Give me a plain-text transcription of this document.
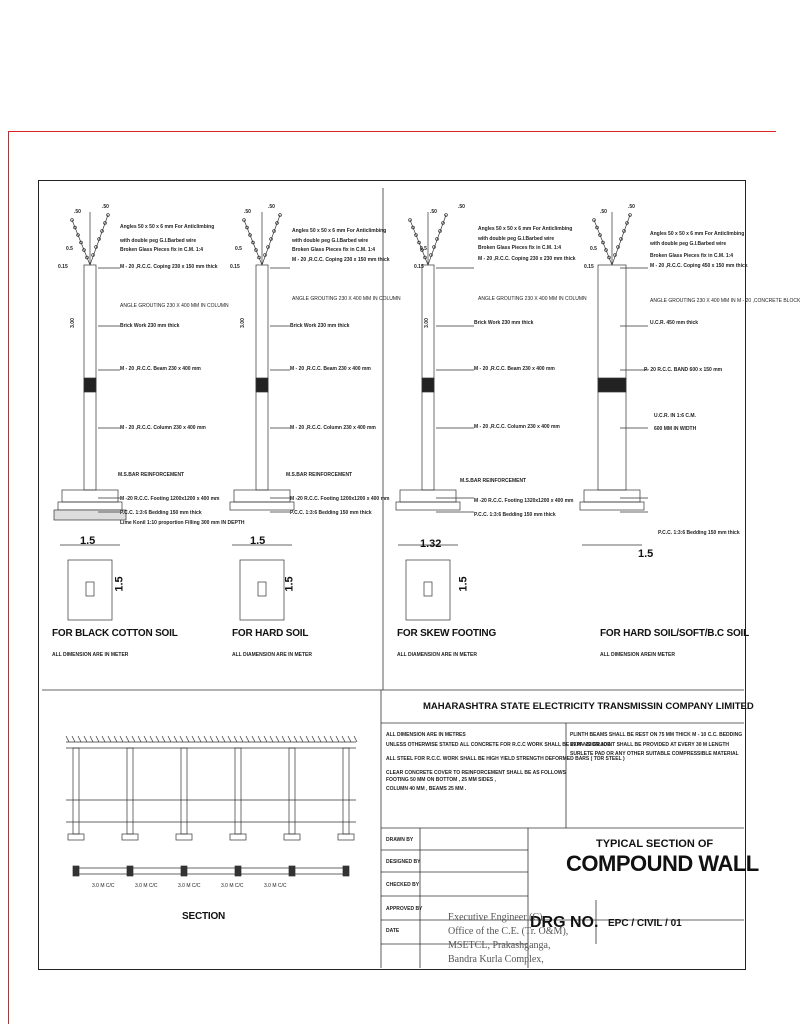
FOR BLACK COTTON SOIL
ALL DIMENSION ARE IN METER
FOR HARD SOIL
ALL DIAMENSION ARE IN METER
FOR SKEW FOOTING
ALL DIAMENSION ARE IN METER
FOR HARD SOIL/SOFT/B.C SOIL
ALL DIMENSION AREIN METER
1.5	1.5	1.32
1.5
1.5	1.5	1.5
.50
.50
.50
.50
.50
.50
.50
.50
0.5
0.15
0.5
0.15
0.5
0.15
0.5
0.15
3.00	3.00	3.00
Angles 50 x 50 x 6 mm For Anticlimbing
with double peg G.I.Barbed wire
Broken Glass Pieces fix in C.M. 1:4
M - 20 ,R.C.C. Coping 230 x 150 mm thick
ANGLE GROUTING 230 X 400 MM IN COLUMN
Brick Work 230 mm thick
M - 20 ,R.C.C. Beam 230 x 400 mm
M - 20 ,R.C.C. Column 230 x 400 mm
M.S.BAR REINFORCEMENT
M -20 R.C.C. Footing 1200x1200 x 400 mm
P.C.C. 1:3:6 Bedding 150 mm thick
Lime Konil 1:10 proportion Filling 300 mm IN DEPTH
Angles 50 x 50 x 6 mm For Anticlimbing
with double peg G.I.Barbed wire
Broken Glass Pieces fix in C.M. 1:4
M - 20 ,R.C.C. Coping 230 x 150 mm thick
ANGLE GROUTING 230 X 400 MM IN COLUMN
Brick Work 230 mm thick
M - 20 ,R.C.C. Beam 230 x 400 mm
M - 20 ,R.C.C. Column 230 x 400 mm
M.S.BAR REINFORCEMENT
M -20 R.C.C. Footing 1200x1200 x 400 mm
P.C.C. 1:3:6 Bedding 150 mm thick
Angles 50 x 50 x 6 mm For Anticlimbing
with double peg G.I.Barbed wire
Broken Glass Pieces fix in C.M. 1:4
M - 20 ,R.C.C. Coping 230 x 230 mm thick
ANGLE GROUTING 230 X 400 MM IN COLUMN
Brick Work 230 mm thick
M - 20 ,R.C.C. Beam 230 x 400 mm
M - 20 ,R.C.C. Column 230 x 400 mm
M.S.BAR REINFORCEMENT
M -20 R.C.C. Footing 1320x1200 x 400 mm
P.C.C. 1:3:6 Bedding 150 mm thick
Angles 50 x 50 x 6 mm For Anticlimbing
with double peg G.I.Barbed wire
Broken Glass Pieces fix in C.M. 1:4
M - 20 ,R.C.C. Coping 450 x 150 mm thick
ANGLE GROUTING 230 X 400 MM IN M - 20 ,CONCRETE BLOCK
U.C.R. 450 mm thick
P- 20 R.C.C. BAND 600 x 150 mm
U.C.R. IN 1:6 C.M.
600 MM IN WIDTH
P.C.C. 1:3:6 Bedding 150 mm thick
SECTION
3.0 M C/C	3.0 M C/C	3.0 M C/C	3.0 M C/C	3.0 M C/C
MAHARASHTRA STATE ELECTRICITY TRANSMISSIN COMPANY LIMITED
ALL DIMENSION ARE IN METRES
UNLESS OTHERWISE STATED ALL CONCRETE FOR R.C.C WORK SHALL BE IN M - 20 GRADE
ALL STEEL FOR R.C.C. WORK SHALL BE HIGH YIELD STRENGTH DEFORMED BARS ( TOR STEEL )
CLEAR CONCRETE COVER TO REINFORCEMENT SHALL BE AS FOLLOWS
FOOTING 50 MM ON BOTTOM , 25 MM SIDES ,
COLUMN 40 MM , BEAMS 25 MM .
PLINTH BEAMS SHALL BE REST ON 75 MM THICK M - 10 C.C. BEDDING
EXPANSION JOINT SHALL BE PROVIDED AT EVERY 30 M LENGTH
SURLETE PAD OR ANY OTHER SUITABLE COMPRESSIBLE MATERIAL
DRAWN BY
DESIGNED BY
CHECKED BY
APPROVED BY
DATE
TYPICAL SECTION OF
COMPOUND WALL
DRG NO. EPC / CIVIL / 01
Executive Engineer (C)
Office of the C.E. (Tr. O&M),
MSETCL, Prakashganga,
Bandra Kurla Complex,
